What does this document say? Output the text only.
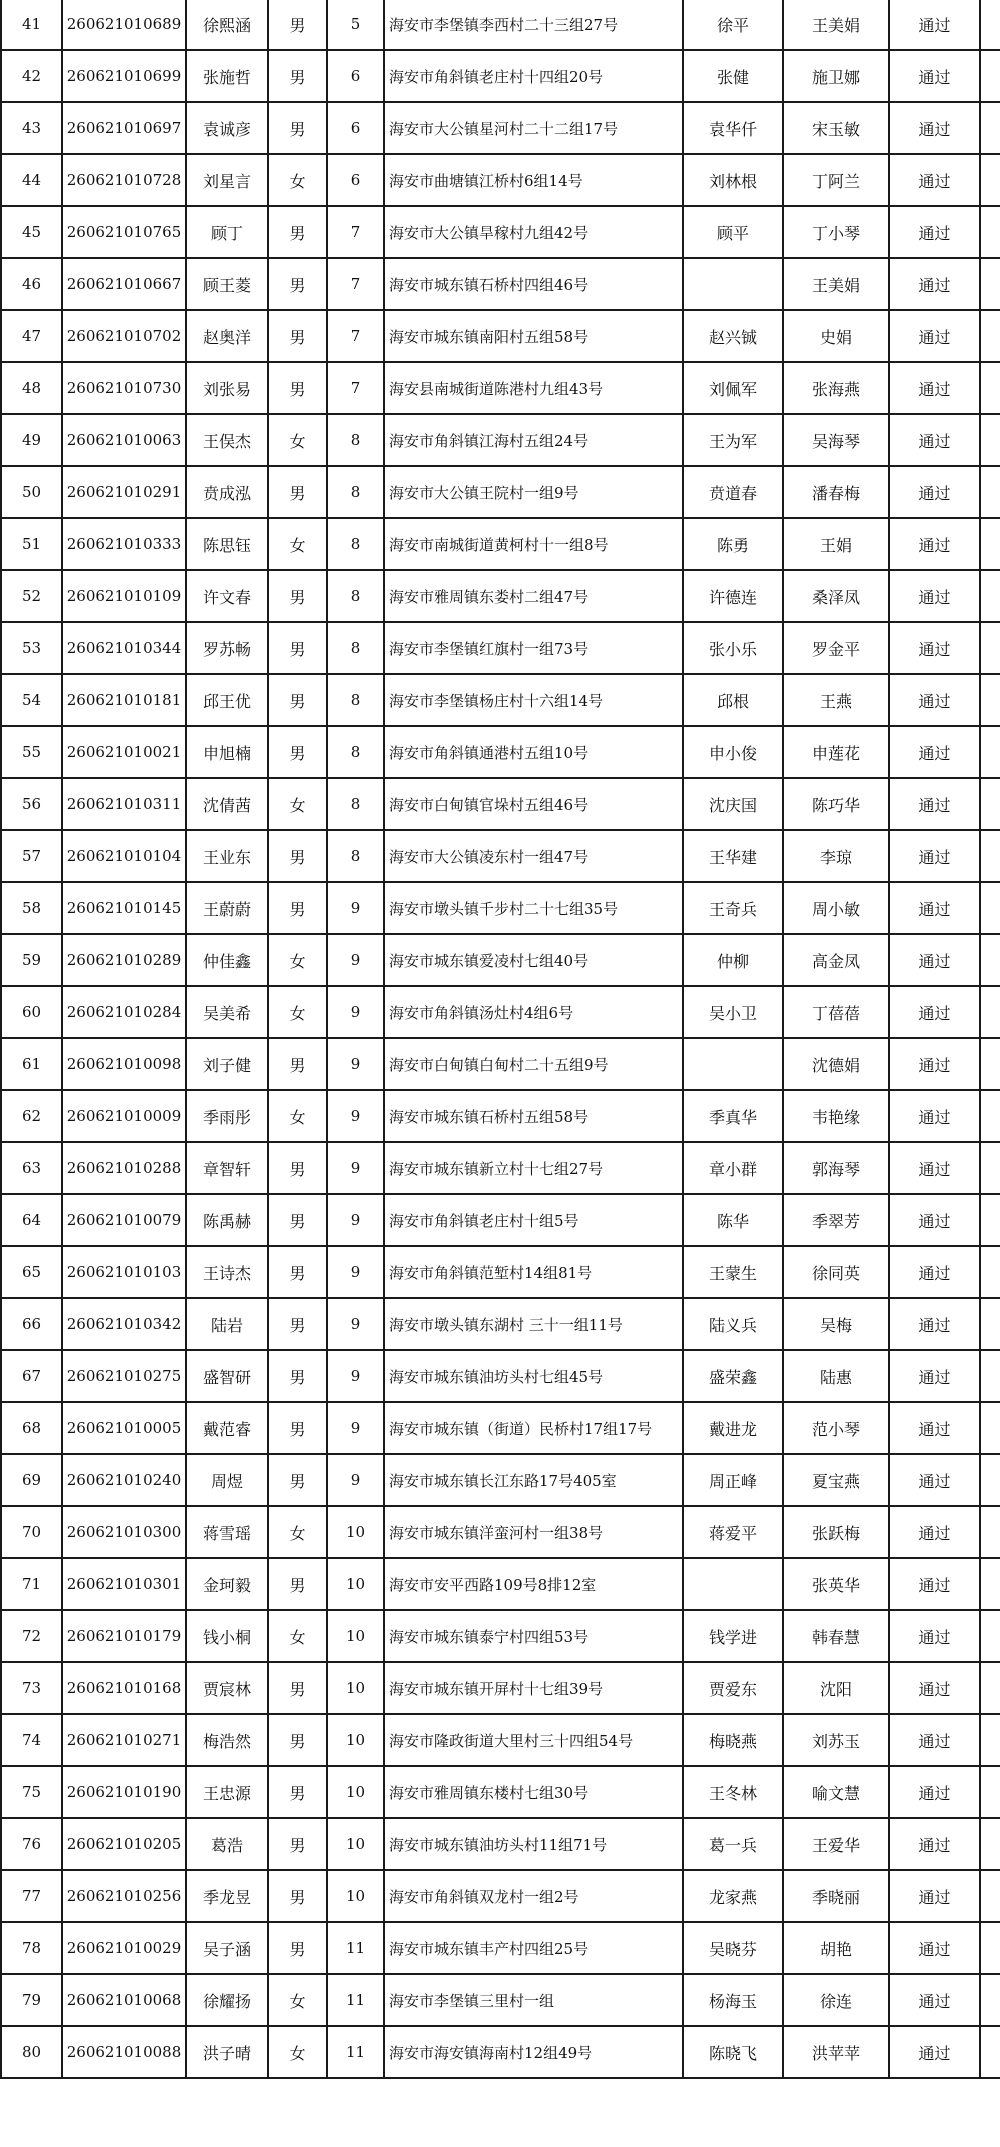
41	260621010689	徐熙涵	男	5	海安市李堡镇李西村二十三组27号	徐平	王美娟	通过	
42	260621010699	张施哲	男	6	海安市角斜镇老庄村十四组20号	张健	施卫娜	通过	
43	260621010697	袁诚彦	男	6	海安市大公镇星河村二十二组17号	袁华仟	宋玉敏	通过	
44	260621010728	刘星言	女	6	海安市曲塘镇江桥村6组14号	刘林根	丁阿兰	通过	
45	260621010765	顾丁	男	7	海安市大公镇旱稼村九组42号	顾平	丁小琴	通过	
46	260621010667	顾王菱	男	7	海安市城东镇石桥村四组46号		王美娟	通过	
47	260621010702	赵奥洋	男	7	海安市城东镇南阳村五组58号	赵兴铖	史娟	通过	
48	260621010730	刘张易	男	7	海安县南城街道陈港村九组43号	刘佩军	张海燕	通过	
49	260621010063	王俣杰	女	8	海安市角斜镇江海村五组24号	王为军	吴海琴	通过	
50	260621010291	贲成泓	男	8	海安市大公镇王院村一组9号	贲道春	潘春梅	通过	
51	260621010333	陈思钰	女	8	海安市南城街道黄柯村十一组8号	陈勇	王娟	通过	
52	260621010109	许文春	男	8	海安市雅周镇东娄村二组47号	许德连	桑泽凤	通过	
53	260621010344	罗苏畅	男	8	海安市李堡镇红旗村一组73号	张小乐	罗金平	通过	
54	260621010181	邱王优	男	8	海安市李堡镇杨庄村十六组14号	邱根	王燕	通过	
55	260621010021	申旭楠	男	8	海安市角斜镇通港村五组10号	申小俊	申莲花	通过	
56	260621010311	沈倩茜	女	8	海安市白甸镇官垛村五组46号	沈庆国	陈巧华	通过	
57	260621010104	王业东	男	8	海安市大公镇凌东村一组47号	王华建	李琼	通过	
58	260621010145	王蔚蔚	男	9	海安市墩头镇千步村二十七组35号	王奇兵	周小敏	通过	
59	260621010289	仲佳鑫	女	9	海安市城东镇爱凌村七组40号	仲柳	高金凤	通过	
60	260621010284	吴美希	女	9	海安市角斜镇汤灶村4组6号	吴小卫	丁蓓蓓	通过	
61	260621010098	刘子健	男	9	海安市白甸镇白甸村二十五组9号		沈德娟	通过	
62	260621010009	季雨彤	女	9	海安市城东镇石桥村五组58号	季真华	韦艳缘	通过	
63	260621010288	章智轩	男	9	海安市城东镇新立村十七组27号	章小群	郭海琴	通过	
64	260621010079	陈禹赫	男	9	海安市角斜镇老庄村十组5号	陈华	季翠芳	通过	
65	260621010103	王诗杰	男	9	海安市角斜镇范堑村14组81号	王蒙生	徐同英	通过	
66	260621010342	陆岩	男	9	海安市墩头镇东湖村 三十一组11号	陆义兵	吴梅	通过	
67	260621010275	盛智研	男	9	海安市城东镇油坊头村七组45号	盛荣鑫	陆惠	通过	
68	260621010005	戴范睿	男	9	海安市城东镇（街道）民桥村17组17号	戴进龙	范小琴	通过	
69	260621010240	周煜	男	9	海安市城东镇长江东路17号405室	周正峰	夏宝燕	通过	
70	260621010300	蒋雪瑶	女	10	海安市城东镇洋蛮河村一组38号	蒋爱平	张跃梅	通过	
71	260621010301	金珂毅	男	10	海安市安平西路109号8排12室		张英华	通过	
72	260621010179	钱小桐	女	10	海安市城东镇泰宁村四组53号	钱学进	韩春慧	通过	
73	260621010168	贾宸林	男	10	海安市城东镇开屏村十七组39号	贾爱东	沈阳	通过	
74	260621010271	梅浩然	男	10	海安市隆政街道大里村三十四组54号	梅晓燕	刘苏玉	通过	
75	260621010190	王忠源	男	10	海安市雅周镇东楼村七组30号	王冬林	喻文慧	通过	
76	260621010205	葛浩	男	10	海安市城东镇油坊头村11组71号	葛一兵	王爱华	通过	
77	260621010256	季龙昱	男	10	海安市角斜镇双龙村一组2号	龙家燕	季晓丽	通过	
78	260621010029	吴子涵	男	11	海安市城东镇丰产村四组25号	吴晓芬	胡艳	通过	
79	260621010068	徐耀扬	女	11	海安市李堡镇三里村一组	杨海玉	徐连	通过	
80	260621010088	洪子晴	女	11	海安市海安镇海南村12组49号	陈晓飞	洪苹苹	通过	
